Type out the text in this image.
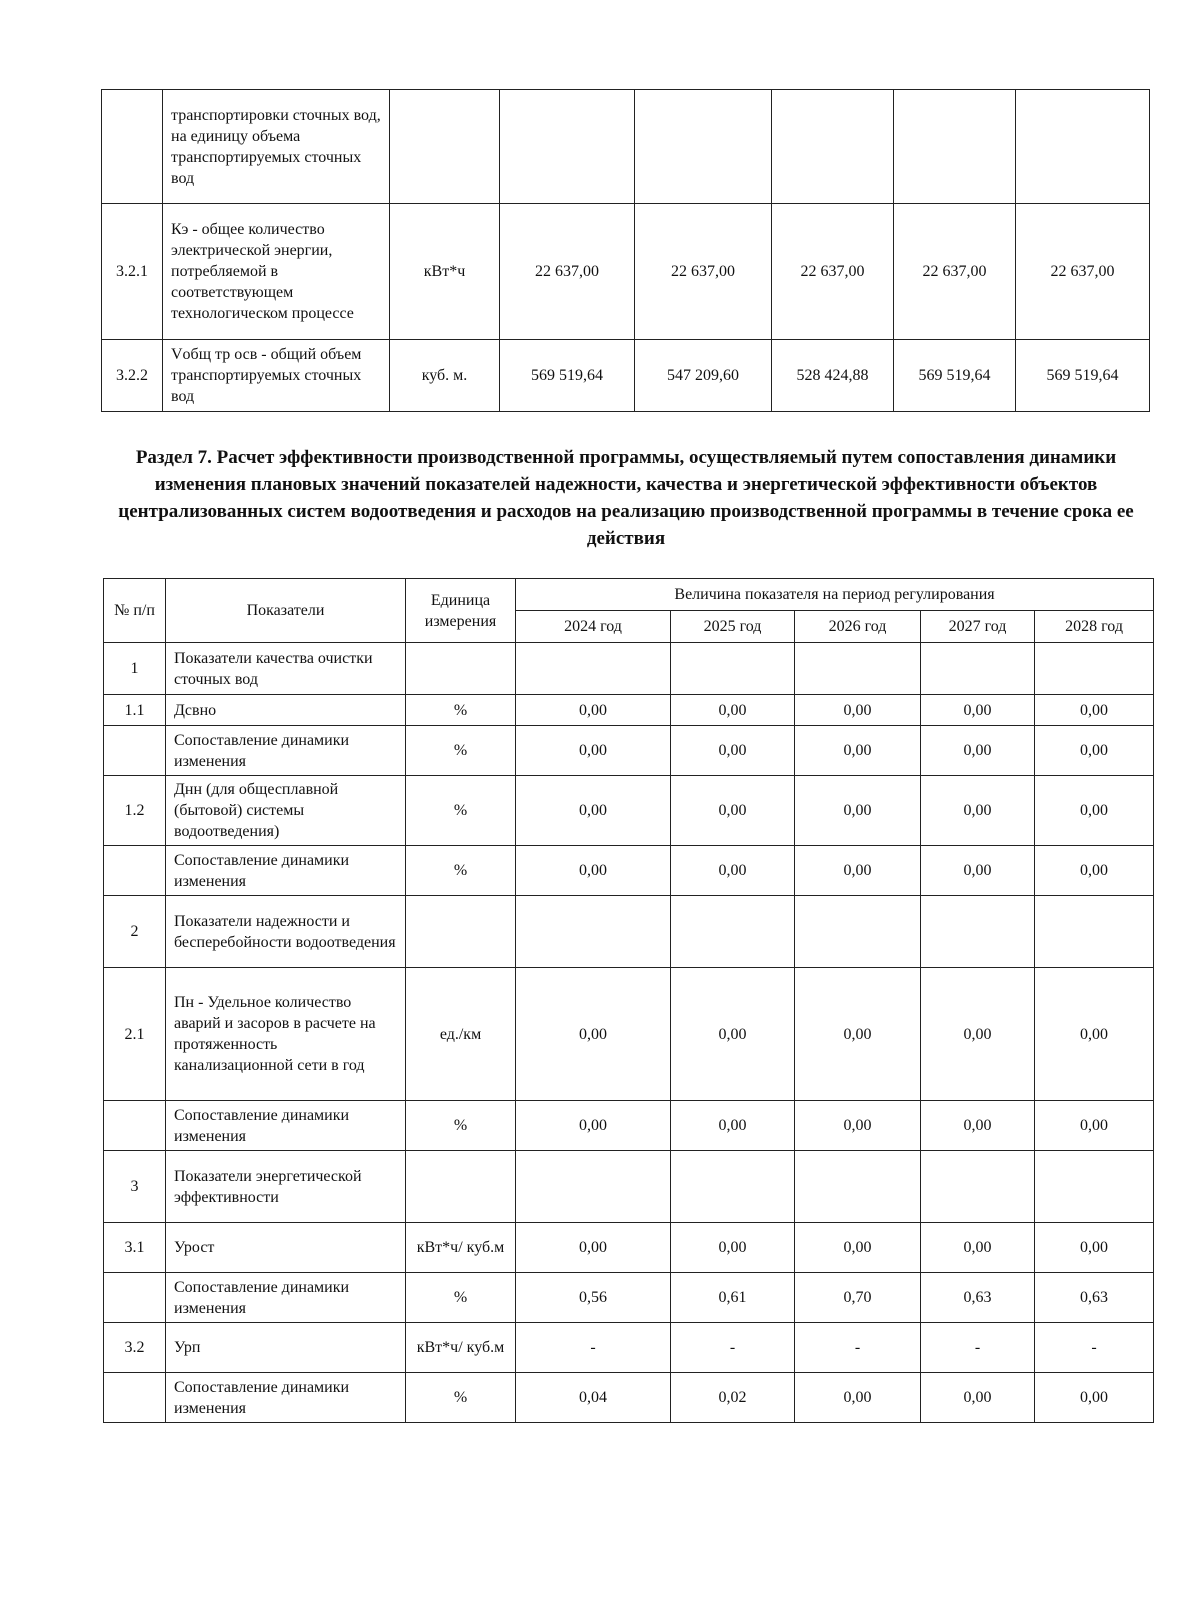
	транспортировки сточных вод, на единицу объема транспортируемых сточных вод						
3.2.1	Кэ - общее количество электрической энергии, потребляемой в соответствующем технологическом процессе	кВт*ч	22 637,00	22 637,00	22 637,00	22 637,00	22 637,00
3.2.2	Vобщ тр осв - общий объем транспортируемых сточных вод	куб. м.	569 519,64	547 209,60	528 424,88	569 519,64	569 519,64
Раздел 7. Расчет эффективности производственной программы, осуществляемый путем сопоставления динамики изменения плановых значений показателей надежности, качества и энергетической эффективности объектов централизованных систем водоотведения и расходов на реализацию производственной программы в течение срока ее действия
№ п/п	Показатели	Единица измерения	Величина показателя на период регулирования				
			2024 год	2025 год	2026 год	2027 год	2028 год
1	Показатели качества очистки сточных вод						
1.1	Дсвно	%	0,00	0,00	0,00	0,00	0,00
	Сопоставление динамики изменения	%	0,00	0,00	0,00	0,00	0,00
1.2	Днн (для общесплавной (бытовой) системы водоотведения)	%	0,00	0,00	0,00	0,00	0,00
	Сопоставление динамики изменения	%	0,00	0,00	0,00	0,00	0,00
2	Показатели надежности и бесперебойности водоотведения						
2.1	Пн - Удельное количество аварий и засоров в расчете на протяженность канализационной сети в год	ед./км	0,00	0,00	0,00	0,00	0,00
	Сопоставление динамики изменения	%	0,00	0,00	0,00	0,00	0,00
3	Показатели энергетической эффективности						
3.1	Урост	кВт*ч/ куб.м	0,00	0,00	0,00	0,00	0,00
	Сопоставление динамики изменения	%	0,56	0,61	0,70	0,63	0,63
3.2	Урп	кВт*ч/ куб.м	-	-	-	-	-
	Сопоставление динамики изменения	%	0,04	0,02	0,00	0,00	0,00
